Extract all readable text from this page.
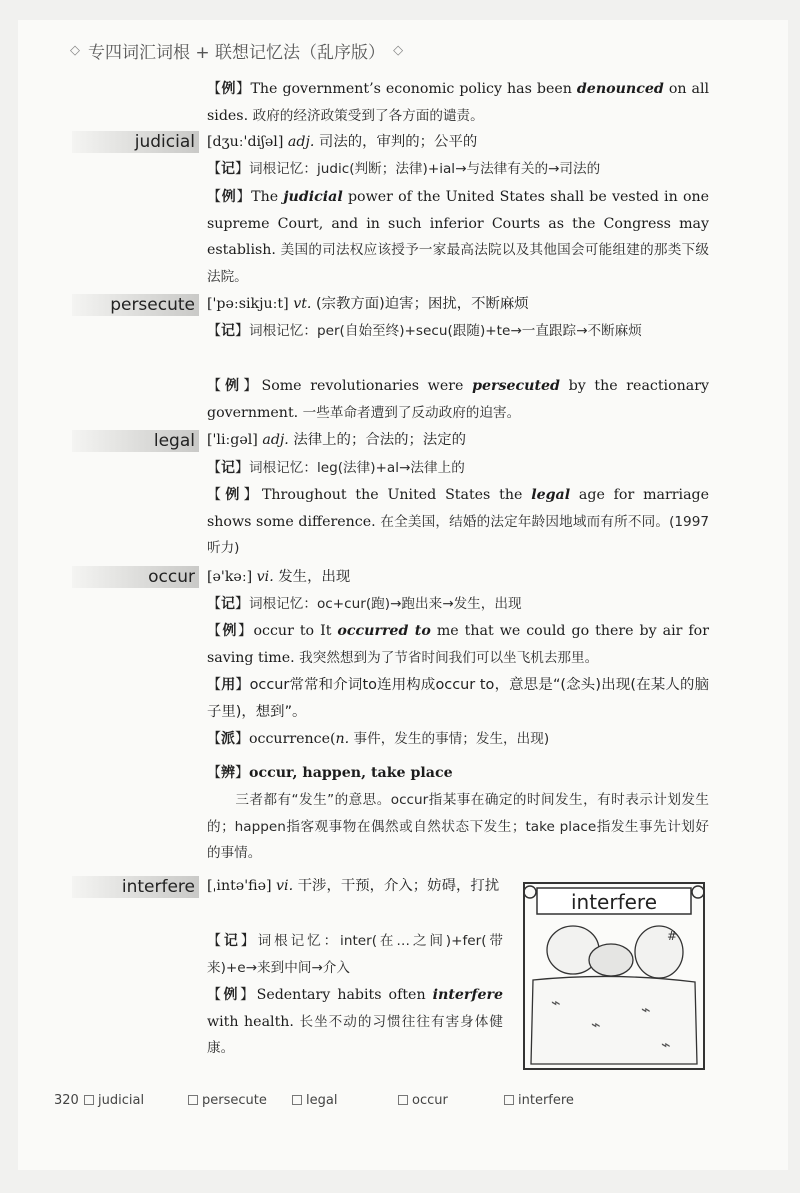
◇ 专四词汇词根 + 联想记忆法（乱序版） ◇
【例】The government’s economic policy has been denounced on all sides. 政府的经济政策受到了各方面的谴责。
judicial [dʒuː'diʃəl] adj. 司法的，审判的；公平的
【记】词根记忆：judic(判断；法律)+ial→与法律有关的→司法的
【例】The judicial power of the United States shall be vested in one supreme Court, and in such inferior Courts as the Congress may establish. 美国的司法权应该授予一家最高法院以及其他国会可能组建的那类下级法院。
persecute ['pəːsikjuːt] vt. (宗教方面)迫害；困扰，不断麻烦
【记】词根记忆：per(自始至终)+secu(跟随)+te→一直跟踪→不断麻烦
【例】Some revolutionaries were persecuted by the reactionary government. 一些革命者遭到了反动政府的迫害。
legal ['liːgəl] adj. 法律上的；合法的；法定的
【记】词根记忆：leg(法律)+al→法律上的
【例】Throughout the United States the legal age for marriage shows some difference. 在全美国，结婚的法定年龄因地域而有所不同。(1997听力)
occur [ə'kəː] vi. 发生，出现
【记】词根记忆：oc+cur(跑)→跑出来→发生，出现
【例】occur to It occurred to me that we could go there by air for saving time. 我突然想到为了节省时间我们可以坐飞机去那里。
【用】occur常常和介词to连用构成occur to，意思是“(念头)出现(在某人的脑子里)，想到”。
【派】occurrence(n. 事件，发生的事情；发生，出现)
【辨】occur, happen, take place
三者都有“发生”的意思。occur指某事在确定的时间发生，有时表示计划发生的；happen指客观事物在偶然或自然状态下发生；take place指发生事先计划好的事情。
interfere [ˌintə'fiə] vi. 干涉，干预，介入；妨碍，打扰
【记】词根记忆：inter(在…之间)+fer(带来)+e→来到中间→介入
【例】Sedentary habits often interfere with health. 长坐不动的习惯往往有害身体健康。
interfere
#
⌁
⌁
⌁
⌁
320 judicial	persecute	legal	occur	interfere
